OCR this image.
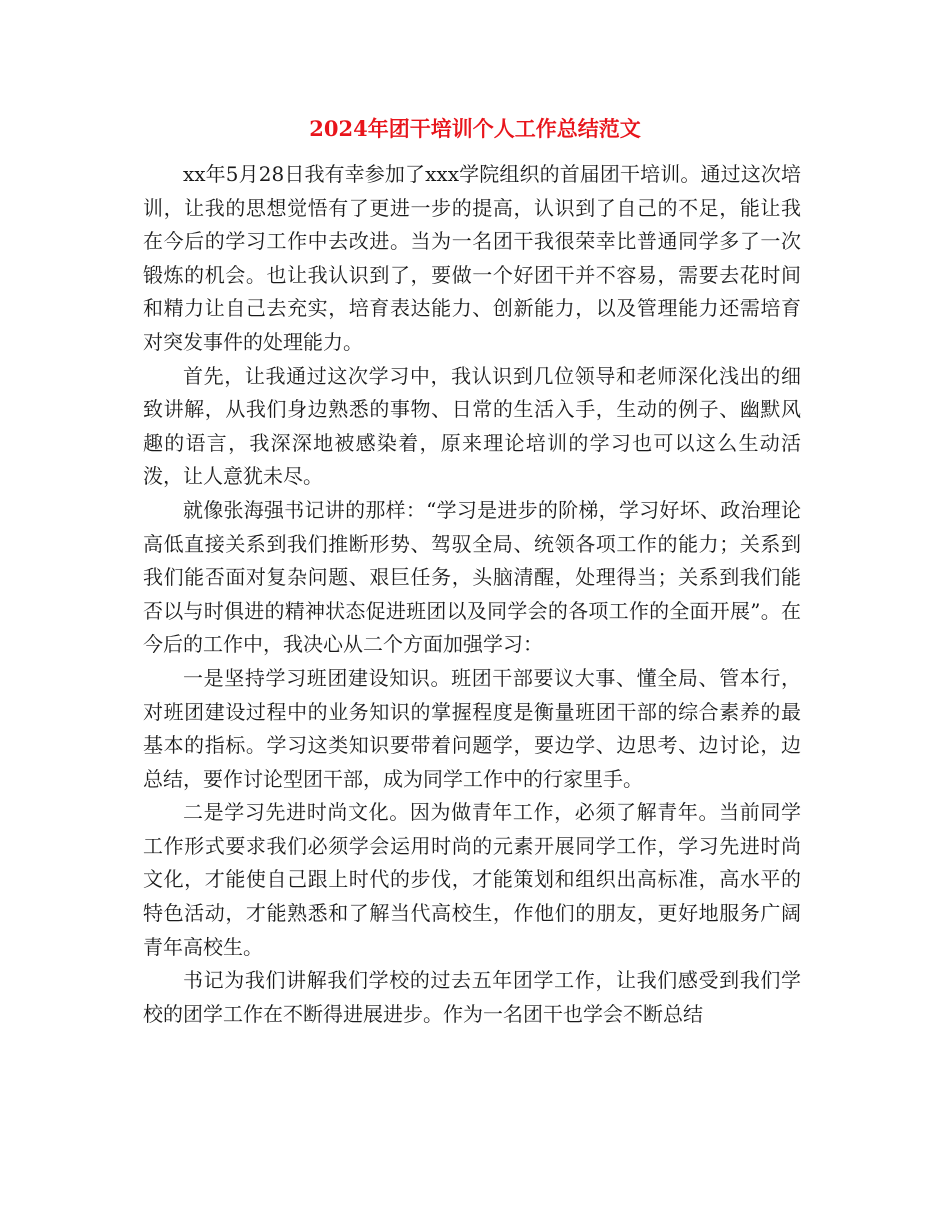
2024年团干培训个人工作总结范文

xx年5月28日我有幸参加了xxx学院组织的首届团干培训。通过这次培训，让我的思想觉悟有了更进一步的提高，认识到了自己的不足，能让我在今后的学习工作中去改进。当为一名团干我很荣幸比普通同学多了一次锻炼的机会。也让我认识到了，要做一个好团干并不容易，需要去花时间和精力让自己去充实，培育表达能力、创新能力，以及管理能力还需培育对突发事件的处理能力。

首先，让我通过这次学习中，我认识到几位领导和老师深化浅出的细致讲解，从我们身边熟悉的事物、日常的生活入手，生动的例子、幽默风趣的语言，我深深地被感染着，原来理论培训的学习也可以这么生动活泼，让人意犹未尽。

就像张海强书记讲的那样：“学习是进步的阶梯，学习好坏、政治理论高低直接关系到我们推断形势、驾驭全局、统领各项工作的能力；关系到我们能否面对复杂问题、艰巨任务，头脑清醒，处理得当；关系到我们能否以与时俱进的精神状态促进班团以及同学会的各项工作的全面开展”。在今后的工作中，我决心从二个方面加强学习：

一是坚持学习班团建设知识。班团干部要议大事、懂全局、管本行，对班团建设过程中的业务知识的掌握程度是衡量班团干部的综合素养的最基本的指标。学习这类知识要带着问题学，要边学、边思考、边讨论，边总结，要作讨论型团干部，成为同学工作中的行家里手。

二是学习先进时尚文化。因为做青年工作，必须了解青年。当前同学工作形式要求我们必须学会运用时尚的元素开展同学工作，学习先进时尚文化，才能使自己跟上时代的步伐，才能策划和组织出高标准，高水平的特色活动，才能熟悉和了解当代高校生，作他们的朋友，更好地服务广阔青年高校生。

书记为我们讲解我们学校的过去五年团学工作，让我们感受到我们学校的团学工作在不断得进展进步。作为一名团干也学会不断总结
